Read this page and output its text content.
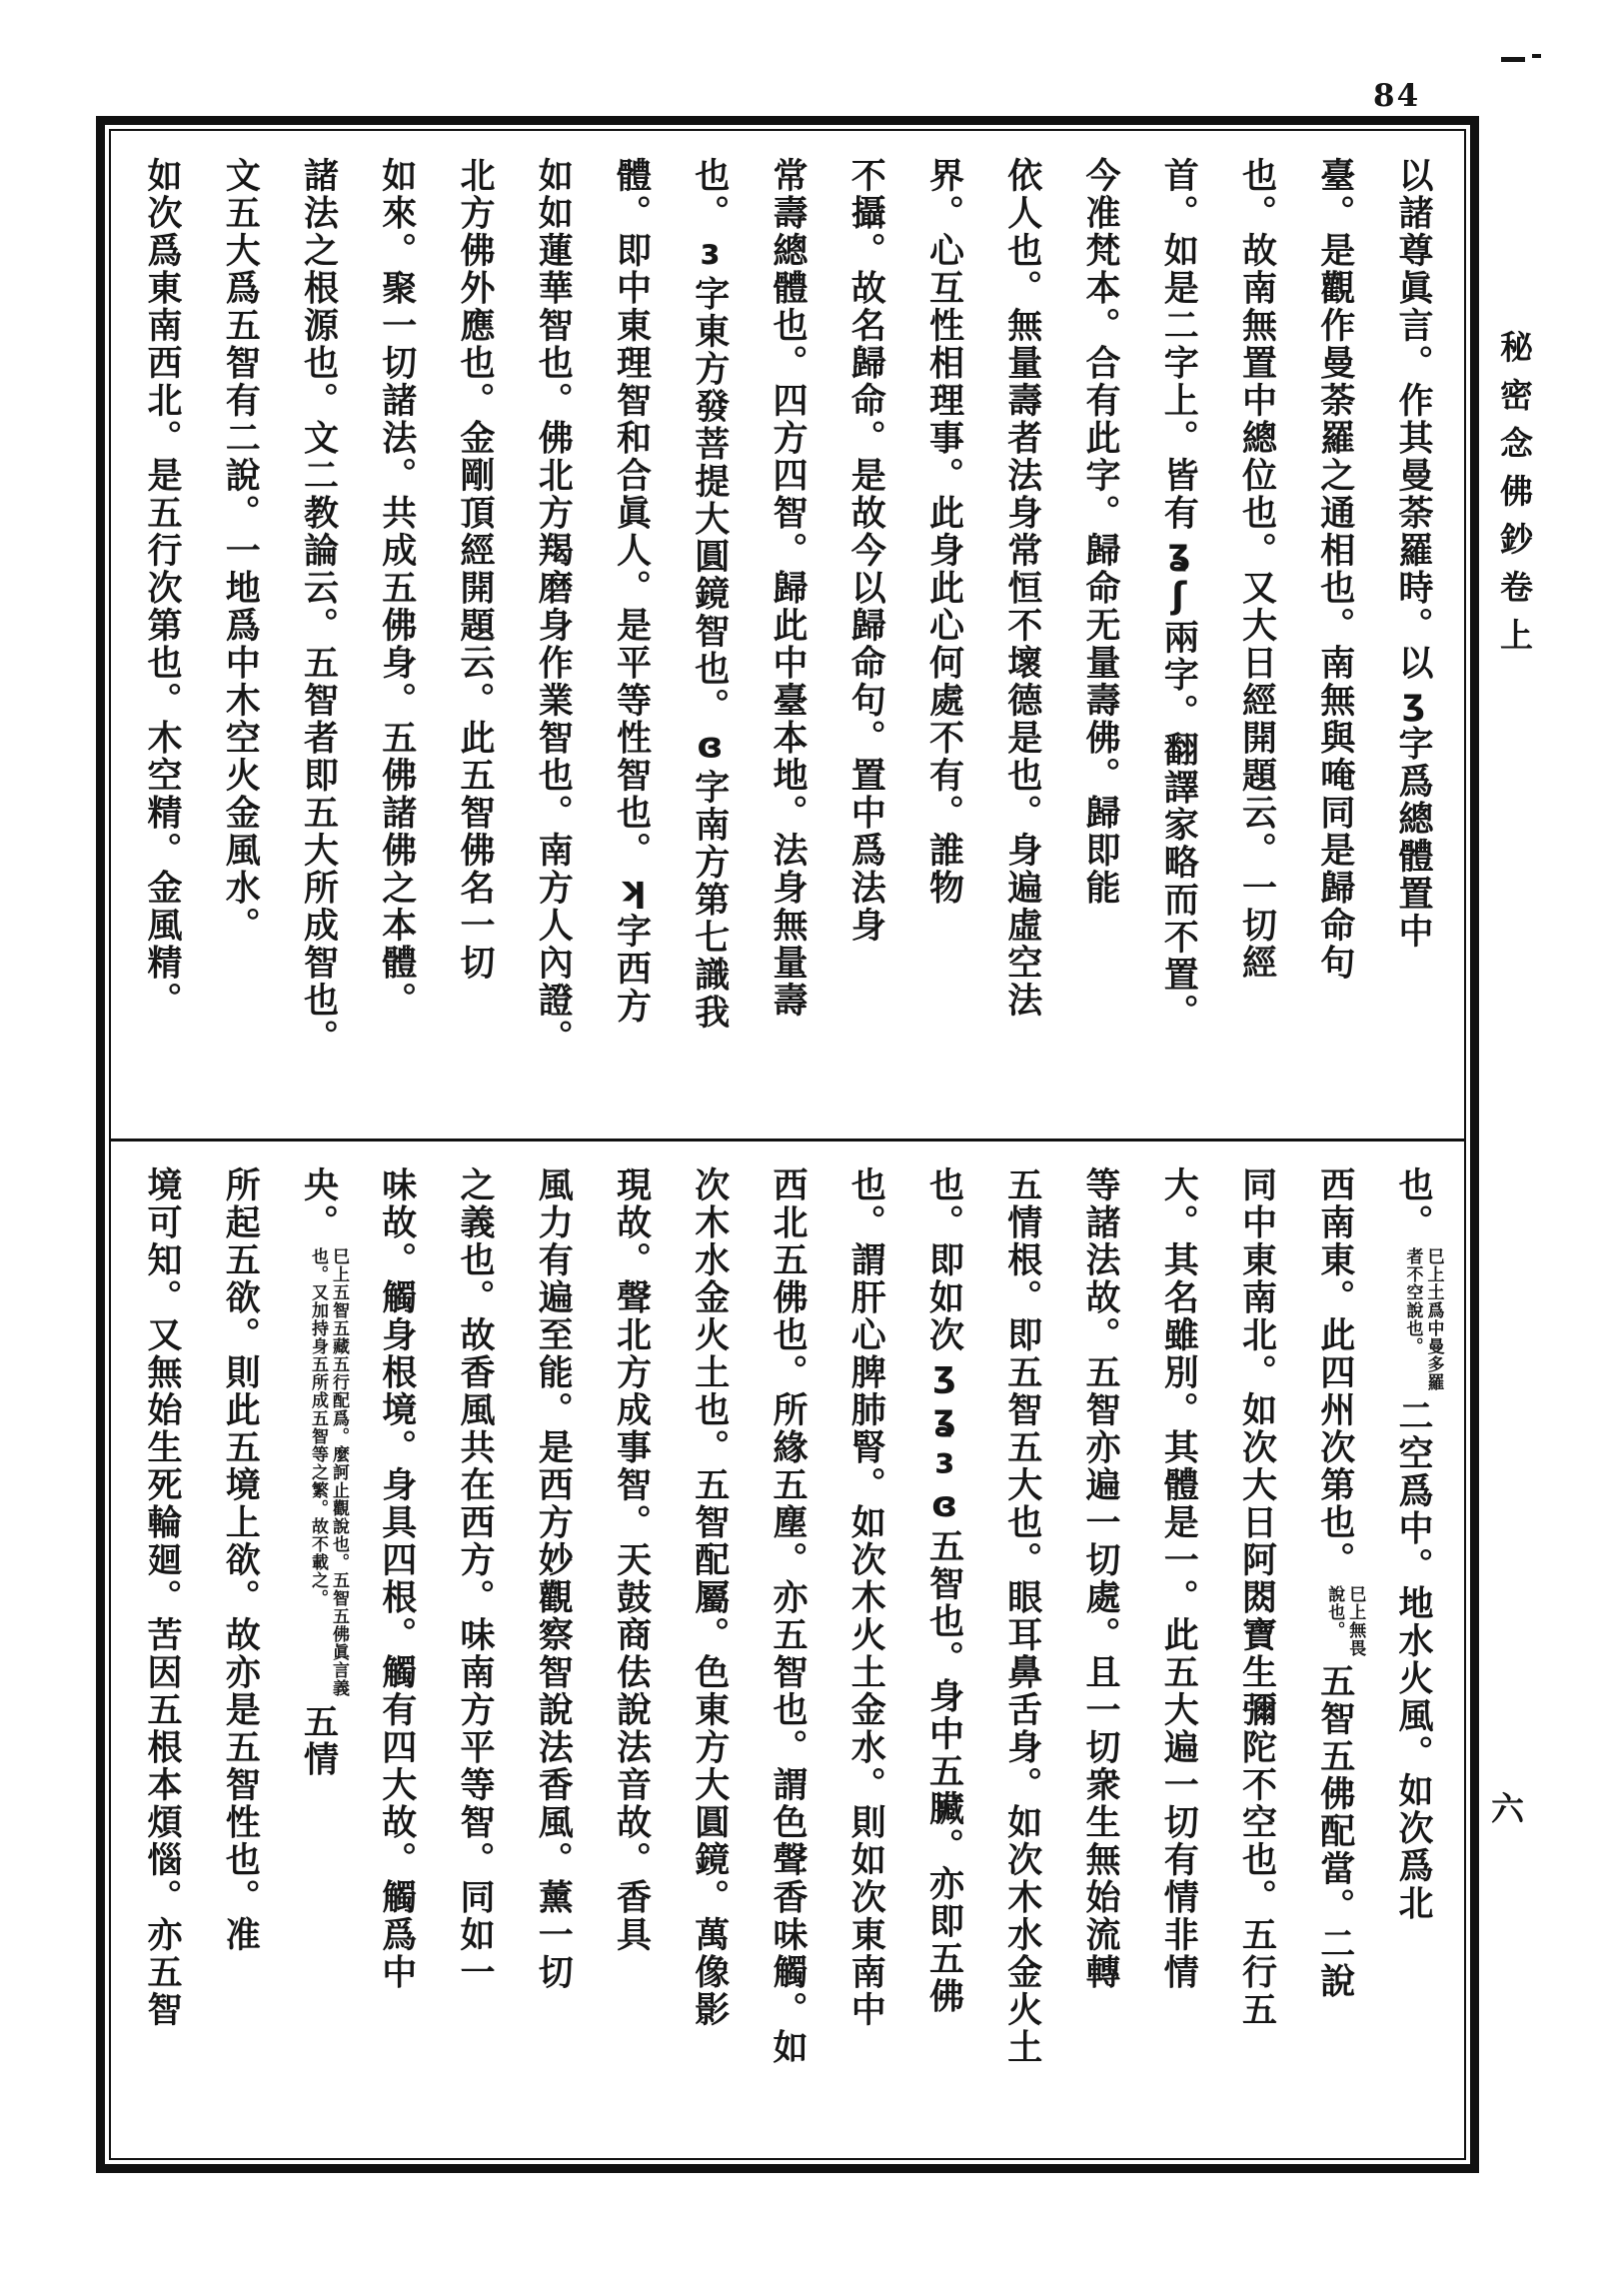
84
以諸尊眞言。作其曼荼羅時。以ʒ字爲總體置中
臺。是觀作曼荼羅之通相也。南無與唵同是歸命句
也。故南無置中總位也。又大日經開題云。一切經
首。如是二字上。皆有ʓʃ兩字。翻譯家略而不置。
今准梵本。合有此字。歸命无量壽佛。歸即能
依人也。無量壽者法身常恒不壞德是也。身遍虛空法
界。心互性相理事。此身此心何處不有。誰物
不攝。故名歸命。是故今以歸命句。置中爲法身
常壽總體也。四方四智。歸此中臺本地。法身無量壽
也。ɜ字東方發菩提大圓鏡智也。ɞ字南方第七識我
體。即中東理智和合眞人。是平等性智也。ʞ字西方
如如蓮華智也。佛北方羯磨身作業智也。南方人內證。
北方佛外應也。金剛頂經開題云。此五智佛名一切
如來。聚一切諸法。共成五佛身。五佛諸佛之本體。
諸法之根源也。文二教論云。五智者即五大所成智也。
文五大爲五智有二說。一地爲中木空火金風水。
如次爲東南西北。是五行次第也。木空精。金風精。
也。
巳上土爲中曼多羅
者不空說也。
二空爲中。地水火風。如次爲北
西南東。此四州次第也。
巳上無畏
說也。
五智五佛配當。二說
同中東南北。如次大日阿閦寶生彌陀不空也。五行五
大。其名雖別。其體是一。此五大遍一切有情非情
等諸法故。五智亦遍一切處。且一切衆生無始流轉
五情根。即五智五大也。眼耳鼻舌身。如次木水金火土
也。即如次ʒʓɜɞ五智也。身中五臟。亦即五佛
也。謂肝心脾肺腎。如次木火土金水。則如次東南中
西北五佛也。所緣五塵。亦五智也。謂色聲香味觸。如
次木水金火土也。五智配屬。色東方大圓鏡。萬像影
現故。聲北方成事智。天鼓商佉說法音故。香具
風力有遍至能。是西方妙觀察智說法香風。薰一切
之義也。故香風共在西方。味南方平等智。同如一
味故。觸身根境。身具四根。觸有四大故。觸爲中
央。
巳上五智五藏五行配爲。麼訶止觀說也。五智五佛眞言義
也。又加持身五所成五智等之繁。故不載之。
五情
所起五欲。則此五境上欲。故亦是五智性也。准
境可知。又無始生死輪廻。苦因五根本煩惱。亦五智
秘密念佛鈔卷上
六
